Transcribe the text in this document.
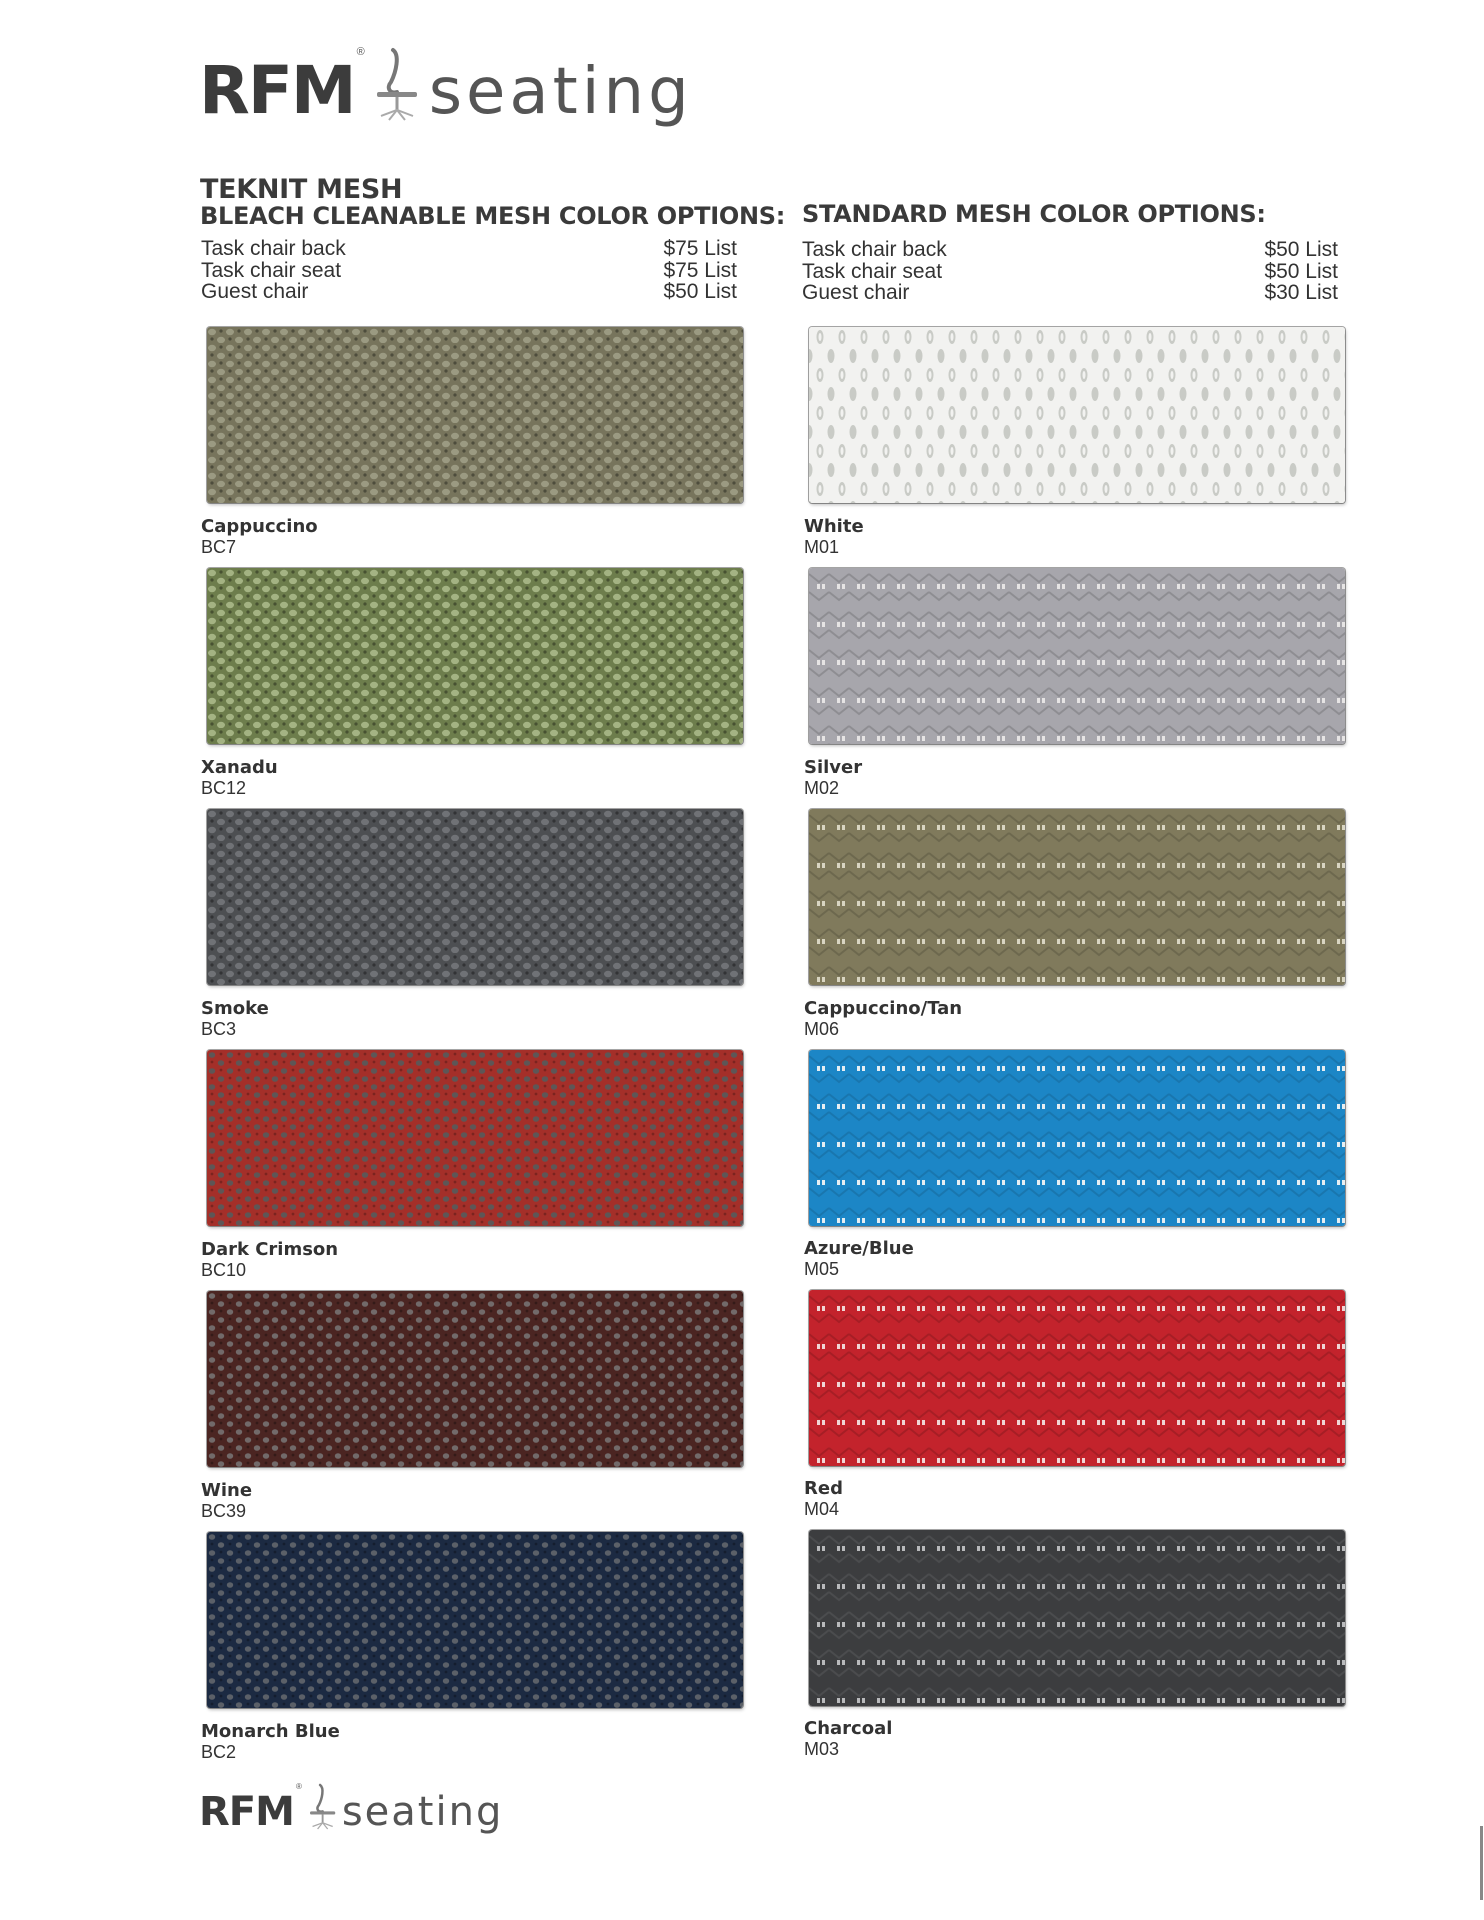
RFM ®
seating
TEKNIT MESH
BLEACH CLEANABLE MESH COLOR OPTIONS:
Task chair back	$75 List
Task chair seat	$75 List
Guest chair	$50 List
STANDARD MESH COLOR OPTIONS:
Task chair back	$50 List
Task chair seat	$50 List
Guest chair	$30 List
Cappuccino
BC7
Xanadu
BC12
Smoke
BC3
Dark Crimson
BC10
Wine
BC39
Monarch Blue
BC2
White
M01
Silver
M02
Cappuccino/Tan
M06
Azure/Blue
M05
Red
M04
Charcoal
M03
RFM
®
seating
